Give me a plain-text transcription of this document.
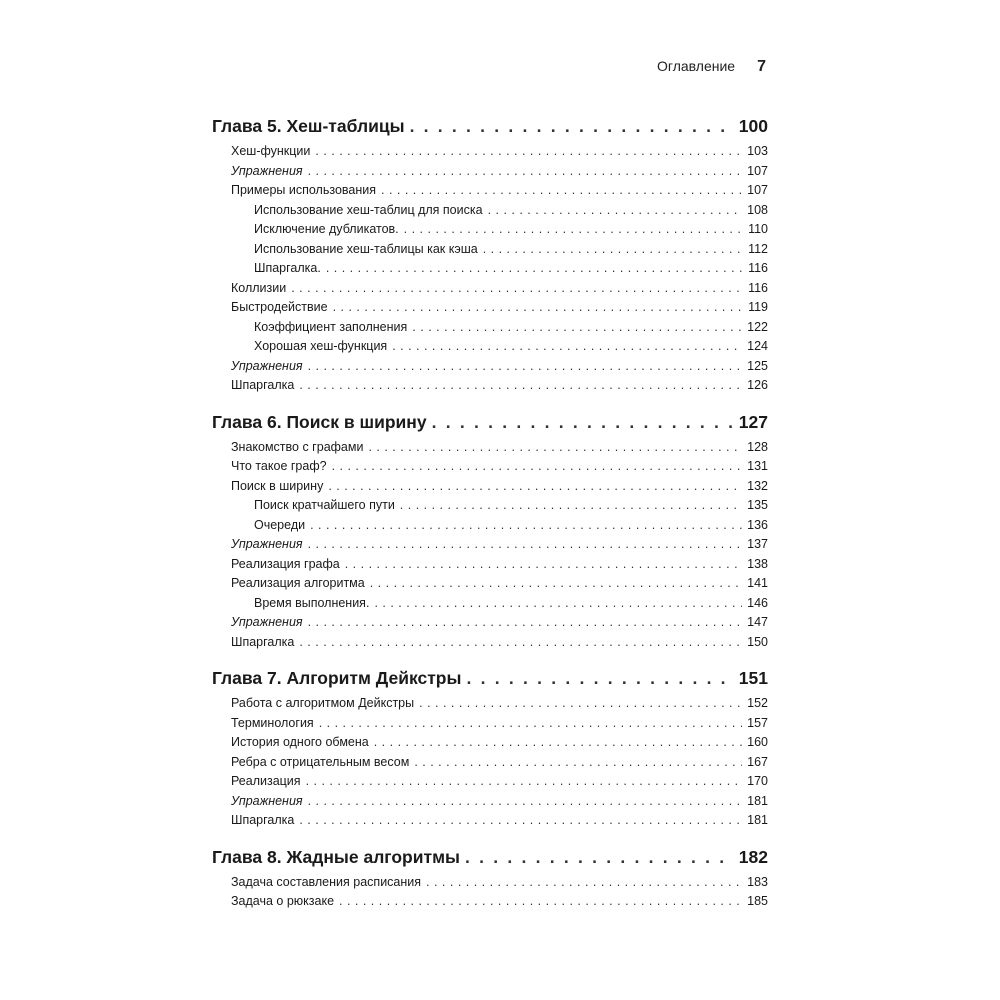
Оглавление 7
Глава 5. Хеш-таблицы . . .	100
Хеш-функции . . .	103
Упражнения . . .	107
Примеры использования . . .	107
Использование хеш-таблиц для поиска . . .	108
Исключение дубликатов. . . .	110
Использование хеш-таблицы как кэша . . .	112
Шпаргалка. . . .	116
Коллизии . . .	116
Быстродействие . . .	119
Коэффициент заполнения . . .	122
Хорошая хеш-функция . . .	124
Упражнения . . .	125
Шпаргалка . . .	126
Глава 6. Поиск в ширину . . .	127
Знакомство с графами . . .	128
Что такое граф? . . .	131
Поиск в ширину . . .	132
Поиск кратчайшего пути . . .	135
Очереди . . .	136
Упражнения . . .	137
Реализация графа . . .	138
Реализация алгоритма . . .	141
Время выполнения. . . .	146
Упражнения . . .	147
Шпаргалка . . .	150
Глава 7. Алгоритм Дейкстры . . .	151
Работа с алгоритмом Дейкстры . . .	152
Терминология . . .	157
История одного обмена . . .	160
Ребра с отрицательным весом . . .	167
Реализация . . .	170
Упражнения . . .	181
Шпаргалка . . .	181
Глава 8. Жадные алгоритмы . . .	182
Задача составления расписания . . .	183
Задача о рюкзаке . . .	185
